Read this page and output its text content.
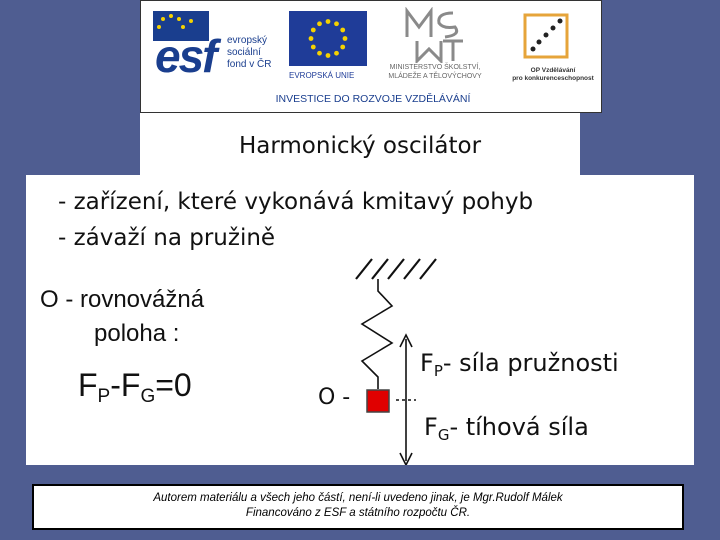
esf evropský
sociální
fond v ČR
EVROPSKÁ UNIE
MINISTERSTVO ŠKOLSTVÍ,
MLÁDEŽE A TĚLOVÝCHOVY
OP Vzdělávání
pro konkurenceschopnost
INVESTICE DO ROZVOJE VZDĚLÁVÁNÍ
Harmonický oscilátor
- zařízení, které vykonává kmitavý pohyb
- závaží na pružině
O - rovnovážná
poloha :
$F_P-F_G=0$	O -
$F_P-$ síla pružnosti
$F_G-$ tíhová síla
Autorem materiálu a všech jeho částí, není-li uvedeno jinak, je Mgr.Rudolf Málek
Financováno z ESF a státního rozpočtu ČR.
